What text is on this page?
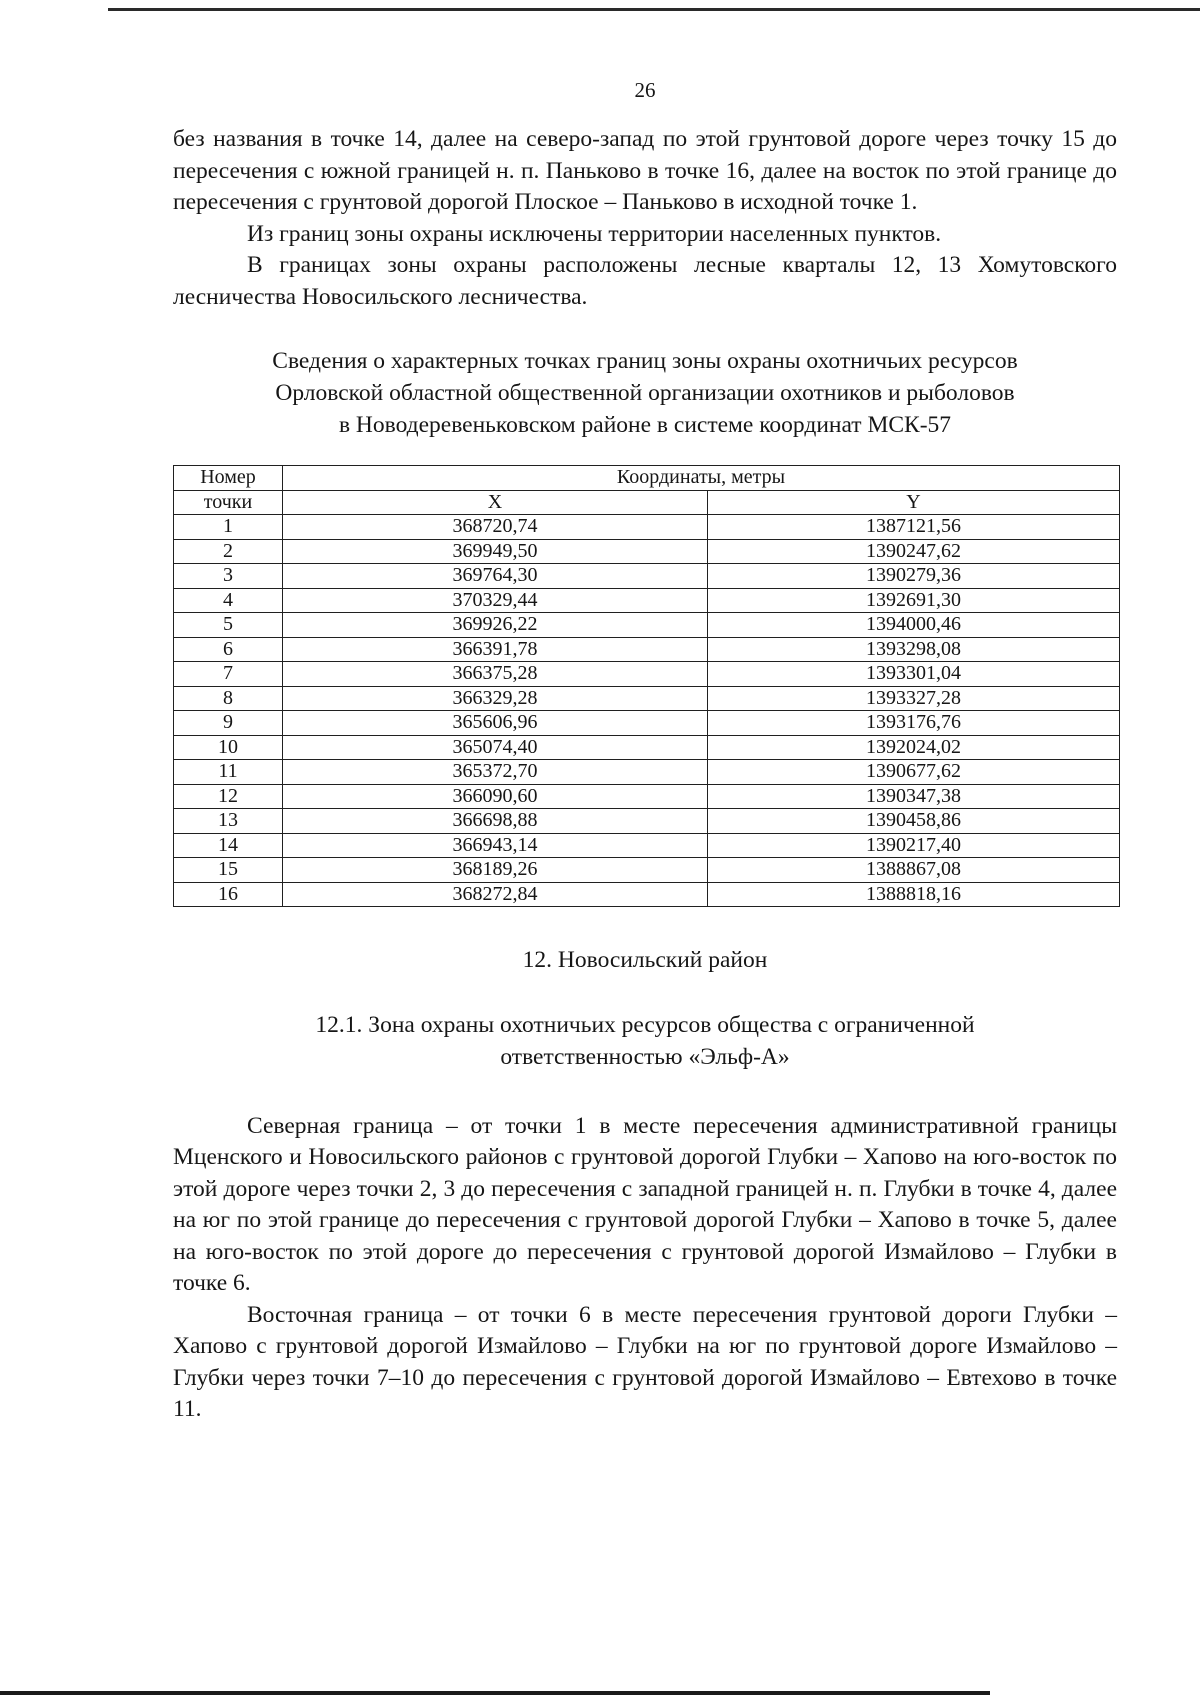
26

без названия в точке 14, далее на северо-запад по этой грунтовой дороге через точку 15 до пересечения с южной границей н. п. Паньково в точке 16, далее на восток по этой границе до пересечения с грунтовой дорогой Плоское – Паньково в исходной точке 1.

Из границ зоны охраны исключены территории населенных пунктов.

В границах зоны охраны расположены лесные кварталы 12, 13 Хомутовского лесничества Новосильского лесничества.

Сведения о характерных точках границ зоны охраны охотничьих ресурсов
Орловской областной общественной организации охотников и рыболовов
в Новодеревеньковском районе в системе координат МСК-57
Номер	Координаты, метры	
точки	X	Y
1	368720,74	1387121,56
2	369949,50	1390247,62
3	369764,30	1390279,36
4	370329,44	1392691,30
5	369926,22	1394000,46
6	366391,78	1393298,08
7	366375,28	1393301,04
8	366329,28	1393327,28
9	365606,96	1393176,76
10	365074,40	1392024,02
11	365372,70	1390677,62
12	366090,60	1390347,38
13	366698,88	1390458,86
14	366943,14	1390217,40
15	368189,26	1388867,08
16	368272,84	1388818,16

12. Новосильский район

12.1. Зона охраны охотничьих ресурсов общества с ограниченной
ответственностью «Эльф-А»

Северная граница – от точки 1 в месте пересечения административной границы Мценского и Новосильского районов с грунтовой дорогой Глубки – Хапово на юго-восток по этой дороге через точки 2, 3 до пересечения с западной границей н. п. Глубки в точке 4, далее на юг по этой границе до пересечения с грунтовой дорогой Глубки – Хапово в точке 5, далее на юго-восток по этой дороге до пересечения с грунтовой дорогой Измайлово – Глубки в точке 6.

Восточная граница – от точки 6 в месте пересечения грунтовой дороги Глубки – Хапово с грунтовой дорогой Измайлово – Глубки на юг по грунтовой дороге Измайлово – Глубки через точки 7–10 до пересечения с грунтовой дорогой Измайлово – Евтехово в точке 11.
